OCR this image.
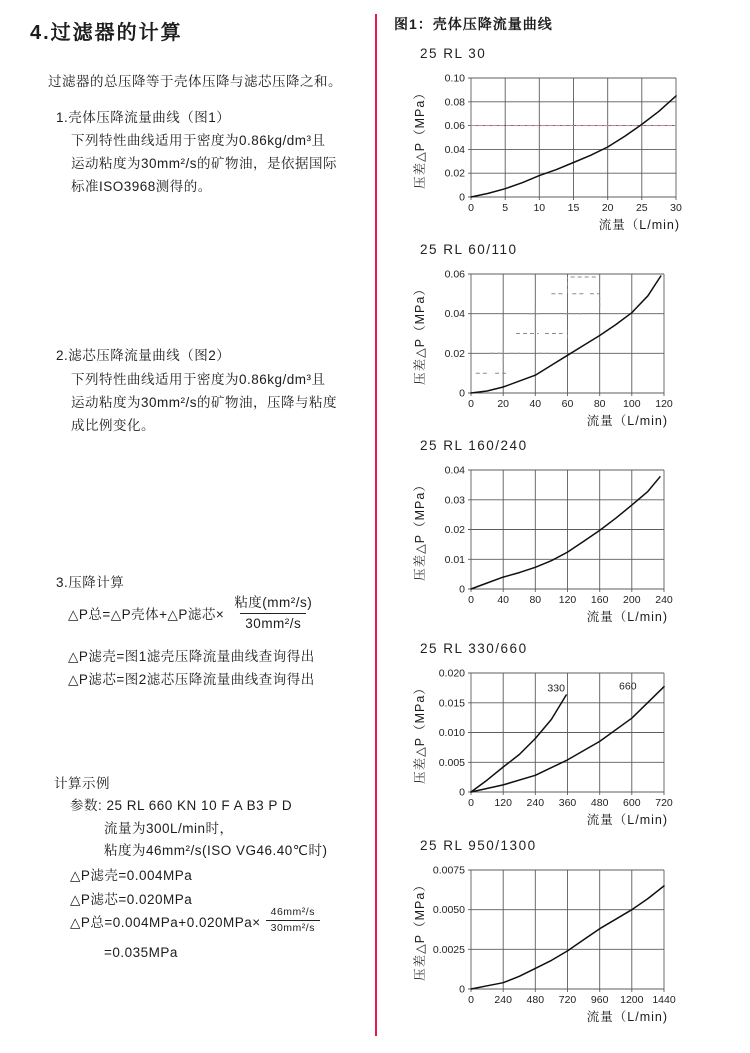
4.过滤器的计算
过滤器的总压降等于壳体压降与滤芯压降之和。
1.壳体压降流量曲线（图1）
下列特性曲线适用于密度为0.86kg/dm³且
运动粘度为30mm²/s的矿物油，是依据国际
标准ISO3968测得的。
2.滤芯压降流量曲线（图2）
下列特性曲线适用于密度为0.86kg/dm³且
运动粘度为30mm²/s的矿物油，压降与粘度
成比例变化。
3.压降计算
△P总=△P壳体+△P滤芯× $\frac{\text{粘度(mm²/s)}}{\text{30mm²/s}}$
△P滤壳=图1滤壳压降流量曲线查询得出
△P滤芯=图2滤芯压降流量曲线查询得出
计算示例
参数: 25 RL 660 KN 10 F A B3 P D
流量为300L/min时，
粘度为46mm²/s(ISO VG46.40℃时)
△P滤壳=0.004MPa
△P滤芯=0.020MPa
△P总$=0.004MPa+0.020MPa\times \frac{\text{46mm²/s}}{\text{30mm²/s}}$
=0.035MPa
图1：壳体压降流量曲线
25 RL 30
0	5 10 15 20 25 30
0
0.02
0.04
0.06
0.08
0.10
流量（L/min)
压差△P（MPa）
25 RL 60/110
0 20 40 60 80 100 120
0
0.02
0.04
0.06
流量（L/min)
压差△P（MPa）
25 RL 160/240
0 40 80 120 160 200 240
0
0.01
0.02
0.03
0.04
流量（L/min)
压差△P（MPa）
25 RL 330/660
330	660
0 120 240 360 480 600 720
0
0.005
0.010
0.015
0.020
流量（L/min)
压差△P（MPa）
25 RL 950/1300
0 240 480 720 960 1200 1440
0
0.0025
0.0050
0.0075
流量（L/min)
压差△P（MPa）
